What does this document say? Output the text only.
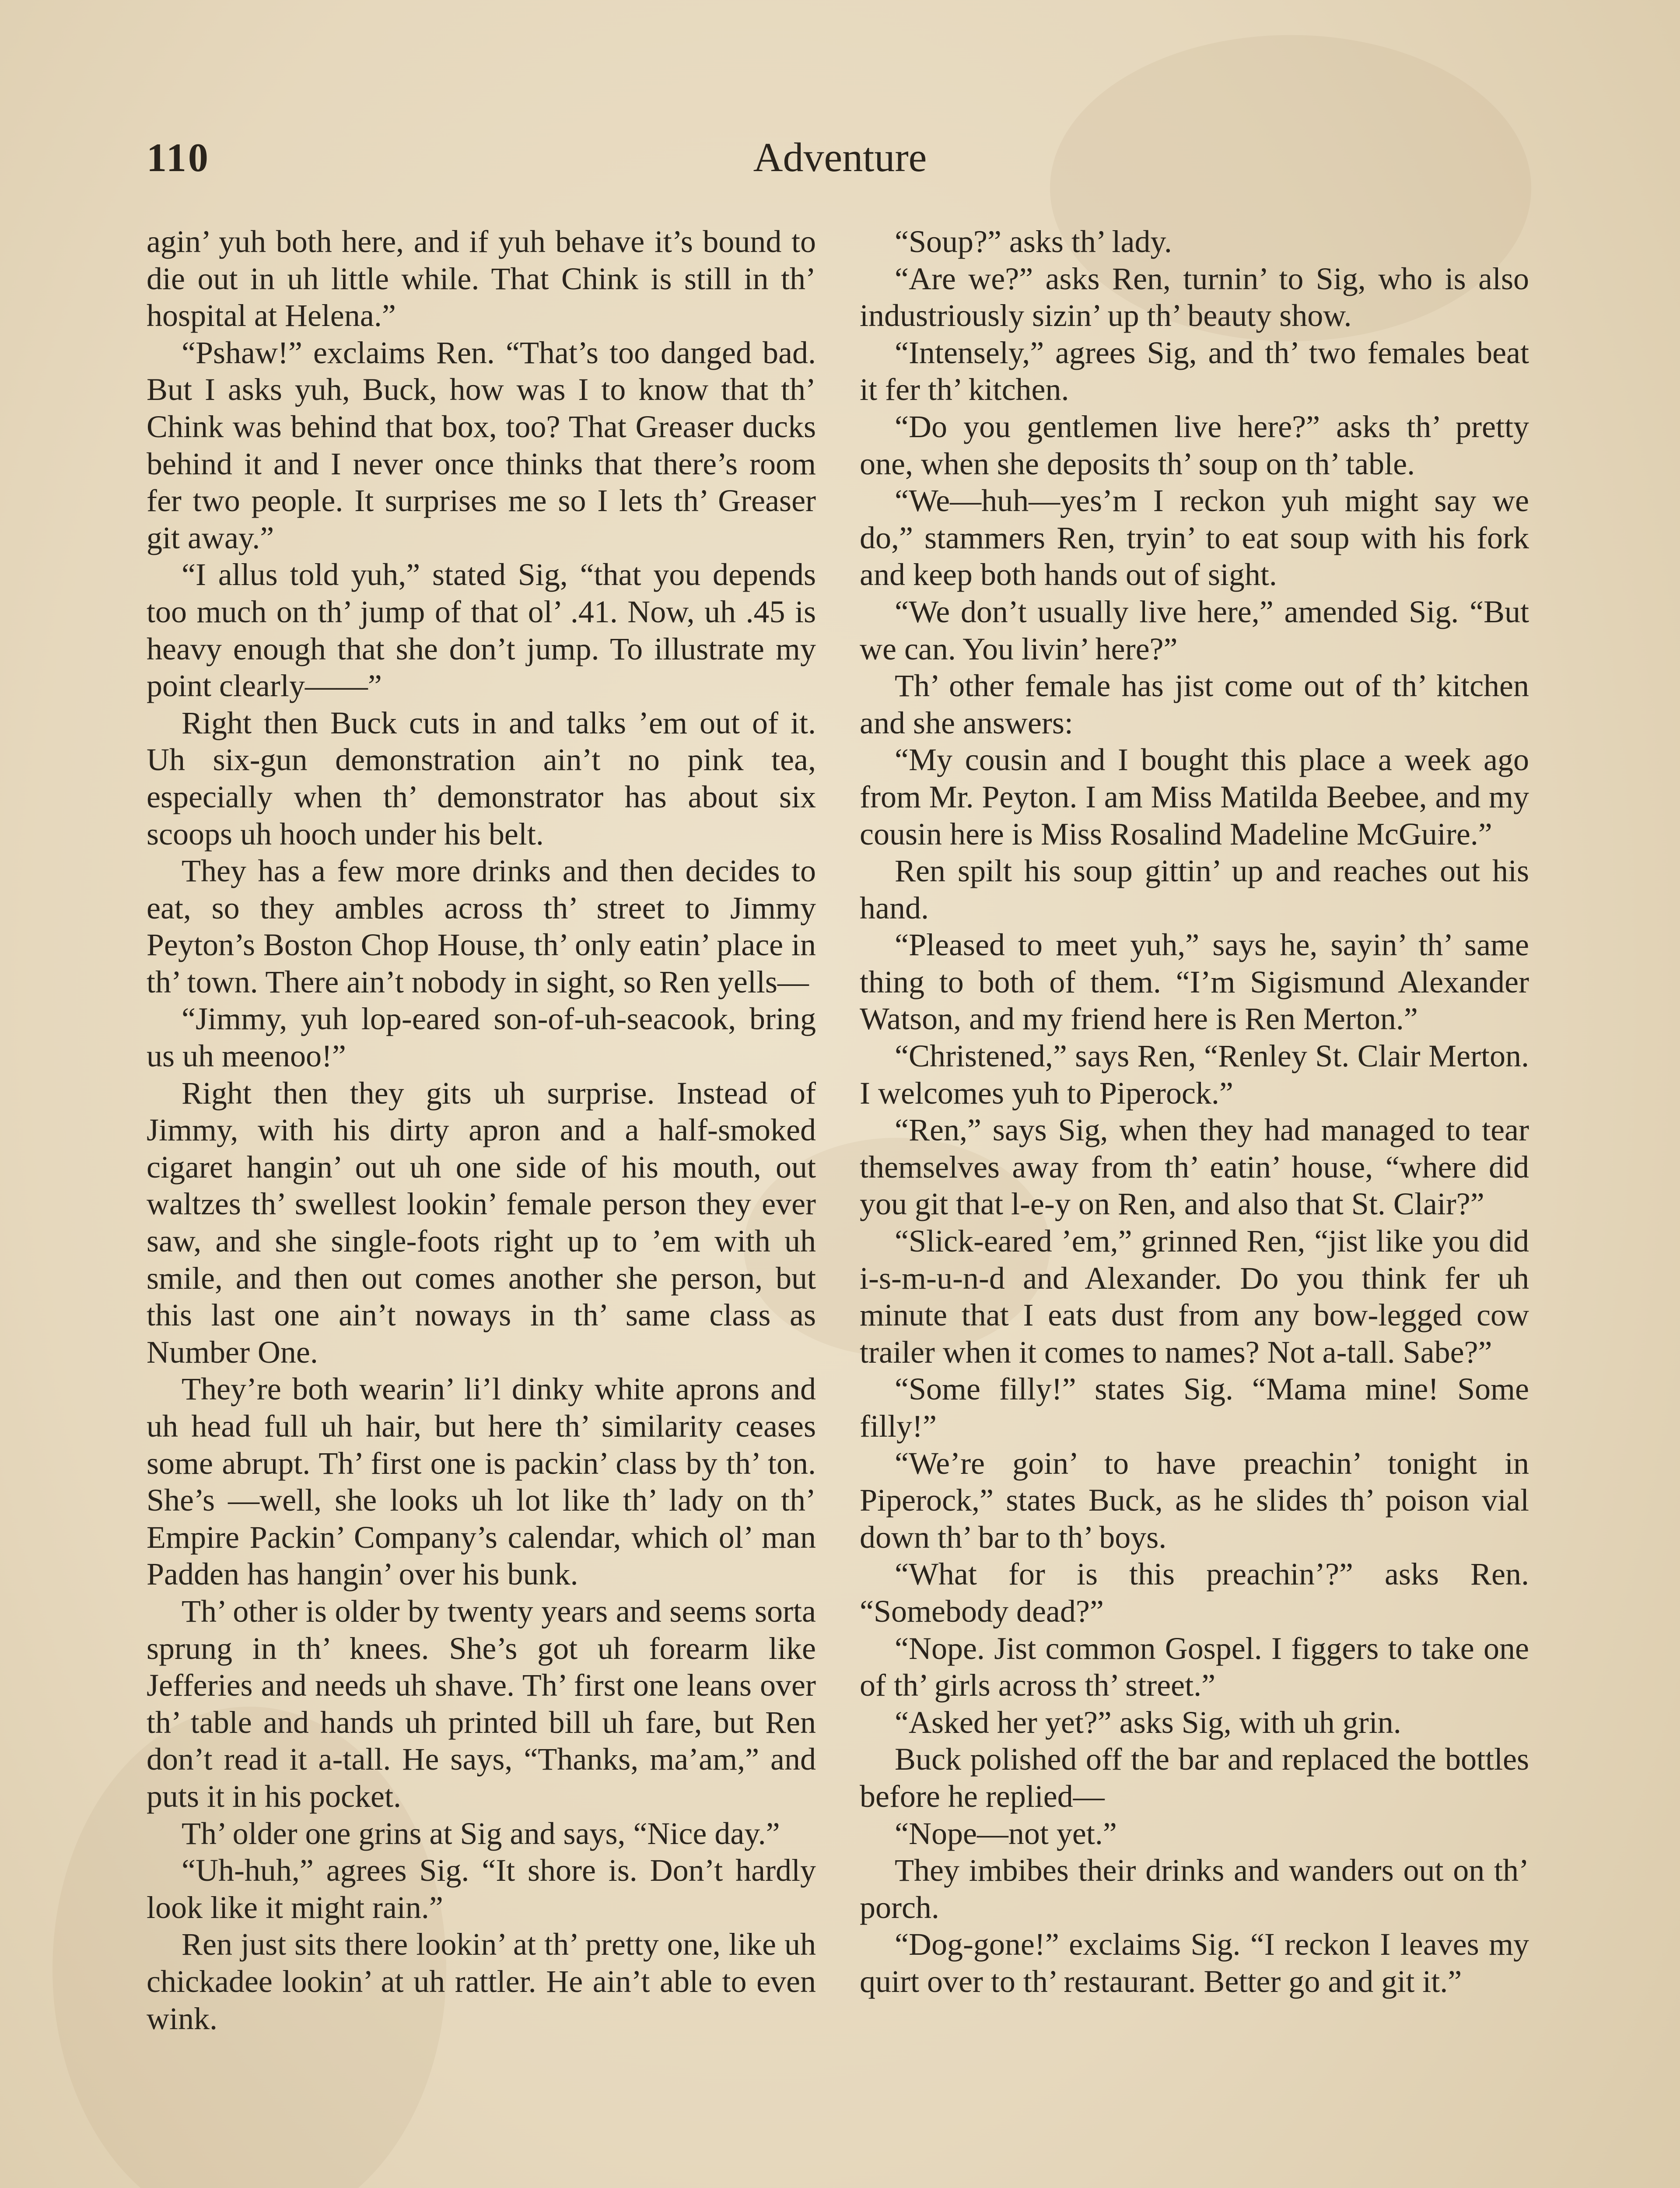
110	Adventure

agin’ yuh both here, and if yuh behave it’s bound to die out in uh little while. That Chink is still in th’ hospital at Helena.”

“Pshaw!” exclaims Ren. “That’s too danged bad. But I asks yuh, Buck, how was I to know that th’ Chink was behind that box, too? That Greaser ducks behind it and I never once thinks that there’s room fer two people. It surprises me so I lets th’ Greaser git away.”

“I allus told yuh,” stated Sig, “that you depends too much on th’ jump of that ol’ .41. Now, uh .45 is heavy enough that she don’t jump. To illustrate my point clearly——”

Right then Buck cuts in and talks ’em out of it. Uh six-gun demonstration ain’t no pink tea, especially when th’ demonstrator has about six scoops uh hooch under his belt.

They has a few more drinks and then decides to eat, so they ambles across th’ street to Jimmy Peyton’s Boston Chop House, th’ only eatin’ place in th’ town. There ain’t nobody in sight, so Ren yells—

“Jimmy, yuh lop-eared son-of-uh-seacook, bring us uh meenoo!”

Right then they gits uh surprise. Instead of Jimmy, with his dirty apron and a half-smoked cigaret hangin’ out uh one side of his mouth, out waltzes th’ swellest lookin’ female person they ever saw, and she single-foots right up to ’em with uh smile, and then out comes another she person, but this last one ain’t noways in th’ same class as Number One.

They’re both wearin’ li’l dinky white aprons and uh head full uh hair, but here th’ similarity ceases some abrupt. Th’ first one is packin’ class by th’ ton. She’s —well, she looks uh lot like th’ lady on th’ Empire Packin’ Company’s calendar, which ol’ man Padden has hangin’ over his bunk.

Th’ other is older by twenty years and seems sorta sprung in th’ knees. She’s got uh forearm like Jefferies and needs uh shave. Th’ first one leans over th’ table and hands uh printed bill uh fare, but Ren don’t read it a-tall. He says, “Thanks, ma’am,” and puts it in his pocket.

Th’ older one grins at Sig and says, “Nice day.”

“Uh-huh,” agrees Sig. “It shore is. Don’t hardly look like it might rain.”

Ren just sits there lookin’ at th’ pretty one, like uh chickadee lookin’ at uh rattler. He ain’t able to even wink.

“Soup?” asks th’ lady.

“Are we?” asks Ren, turnin’ to Sig, who is also industriously sizin’ up th’ beauty show.

“Intensely,” agrees Sig, and th’ two females beat it fer th’ kitchen.

“Do you gentlemen live here?” asks th’ pretty one, when she deposits th’ soup on th’ table.

“We—huh—yes’m I reckon yuh might say we do,” stammers Ren, tryin’ to eat soup with his fork and keep both hands out of sight.

“We don’t usually live here,” amended Sig. “But we can. You livin’ here?”

Th’ other female has jist come out of th’ kitchen and she answers:

“My cousin and I bought this place a week ago from Mr. Peyton. I am Miss Matilda Beebee, and my cousin here is Miss Rosalind Madeline McGuire.”

Ren spilt his soup gittin’ up and reaches out his hand.

“Pleased to meet yuh,” says he, sayin’ th’ same thing to both of them. “I’m Sigismund Alexander Watson, and my friend here is Ren Merton.”

“Christened,” says Ren, “Renley St. Clair Merton. I welcomes yuh to Piperock.”

“Ren,” says Sig, when they had managed to tear themselves away from th’ eatin’ house, “where did you git that l-e-y on Ren, and also that St. Clair?”

“Slick-eared ’em,” grinned Ren, “jist like you did i-s-m-u-n-d and Alexander. Do you think fer uh minute that I eats dust from any bow-legged cow trailer when it comes to names? Not a-tall. Sabe?”

“Some filly!” states Sig. “Mama mine! Some filly!”

“We’re goin’ to have preachin’ tonight in Piperock,” states Buck, as he slides th’ poison vial down th’ bar to th’ boys.

“What for is this preachin’?” asks Ren. “Somebody dead?”

“Nope. Jist common Gospel. I figgers to take one of th’ girls across th’ street.”

“Asked her yet?” asks Sig, with uh grin.

Buck polished off the bar and replaced the bottles before he replied—

“Nope—not yet.”

They imbibes their drinks and wanders out on th’ porch.

“Dog-gone!” exclaims Sig. “I reckon I leaves my quirt over to th’ restaurant. Better go and git it.”
